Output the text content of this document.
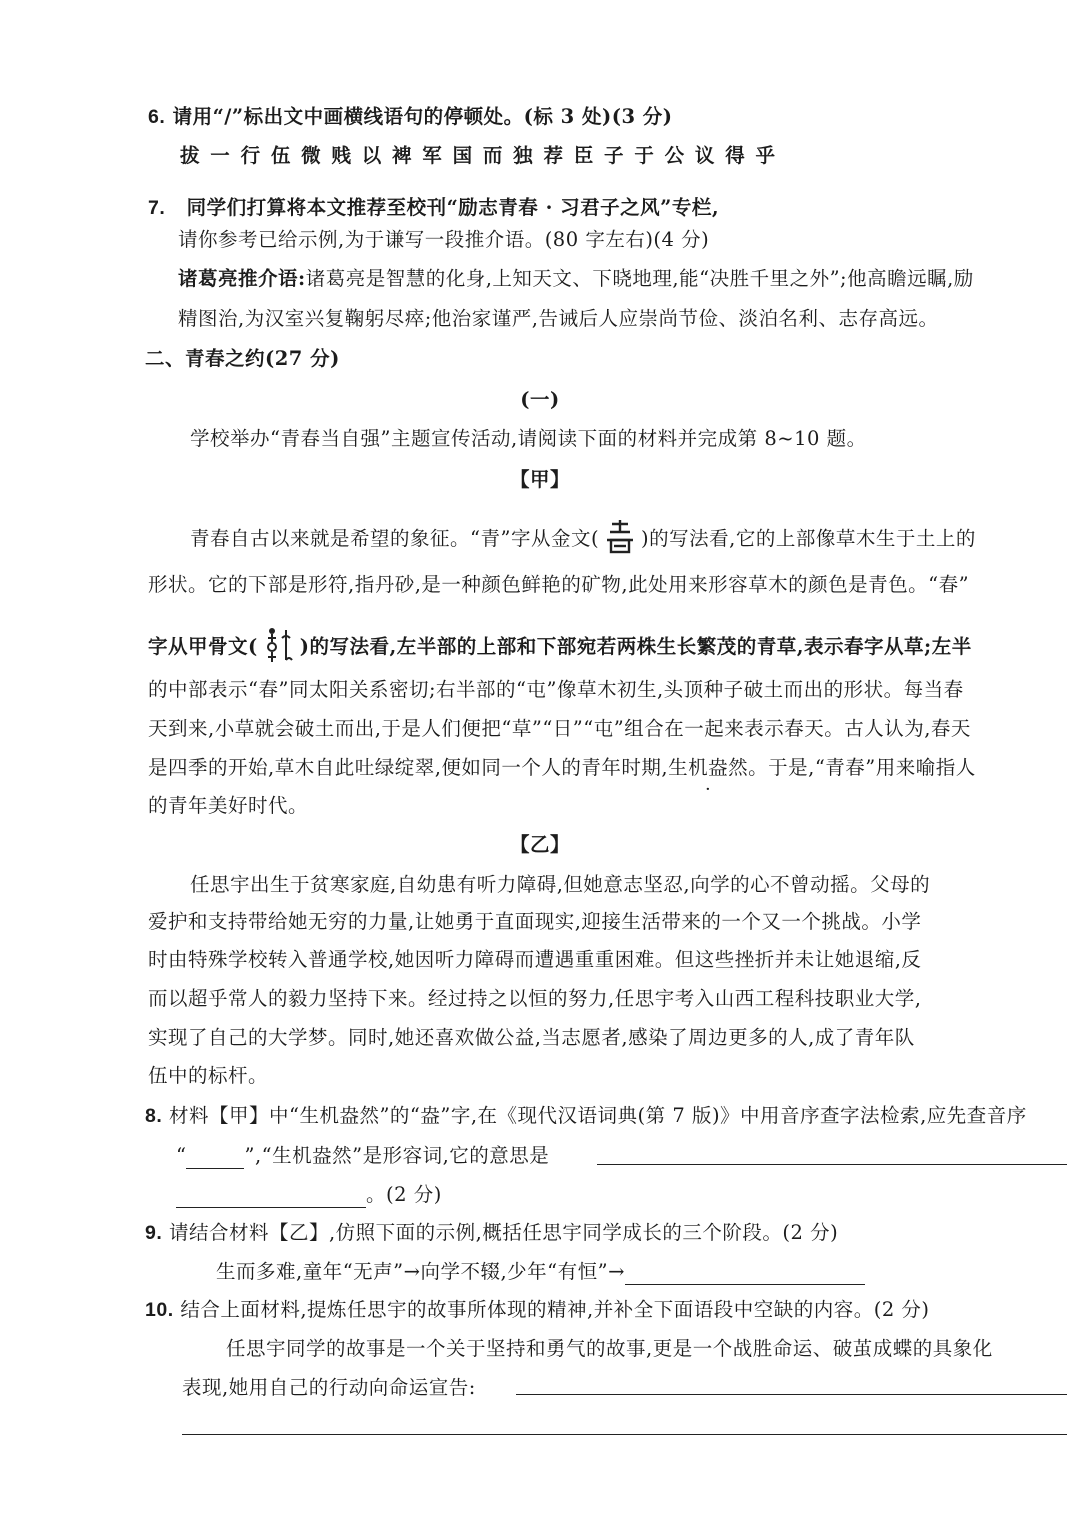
6. 请用“/”标出文中画横线语句的停顿处。(标 3 处)(3 分)
拔 一 行 伍 微 贱 以 裨 军 国 而 独 荐 臣 子 于 公 议 得 乎
7. 同学们打算将本文推荐至校刊“励志青春 · 习君子之风”专栏,
请你参考已给示例,为于谦写一段推介语。(80 字左右)(4 分)
诸葛亮推介语:诸葛亮是智慧的化身,上知天文、下晓地理,能“决胜千里之外”;他高瞻远瞩,励
精图治,为汉室兴复鞠躬尽瘁;他治家谨严,告诫后人应崇尚节俭、淡泊名利、志存高远。
二、青春之约(27 分)
(一)
学校举办“青春当自强”主题宣传活动,请阅读下面的材料并完成第 8~10 题。
【甲】
青春自古以来就是希望的象征。“青”字从金文( )的写法看,它的上部像草木生于土上的
形状。它的下部是形符,指丹砂,是一种颜色鲜艳的矿物,此处用来形容草木的颜色是青色。“春”
字从甲骨文( )的写法看,左半部的上部和下部宛若两株生长繁茂的青草,表示春字从草;左半
的中部表示“春”同太阳关系密切;右半部的“屯”像草木初生,头顶种子破土而出的形状。每当春
天到来,小草就会破土而出,于是人们便把“草”“日”“屯”组合在一起来表示春天。古人认为,春天
是四季的开始,草木自此吐绿绽翠,便如同一个人的青年时期,生机盎然。于是,“青春”用来喻指人
的青年美好时代。
【乙】
任思宇出生于贫寒家庭,自幼患有听力障碍,但她意志坚忍,向学的心不曾动摇。父母的
爱护和支持带给她无穷的力量,让她勇于直面现实,迎接生活带来的一个又一个挑战。小学
时由特殊学校转入普通学校,她因听力障碍而遭遇重重困难。但这些挫折并未让她退缩,反
而以超乎常人的毅力坚持下来。经过持之以恒的努力,任思宇考入山西工程科技职业大学,
实现了自己的大学梦。同时,她还喜欢做公益,当志愿者,感染了周边更多的人,成了青年队
伍中的标杆。
8. 材料【甲】中“生机盎然”的“盎”字,在《现代汉语词典(第 7 版)》中用音序查字法检索,应先查音序
“	”,“生机盎然”是形容词,它的意思是
。(2 分)
9. 请结合材料【乙】,仿照下面的示例,概括任思宇同学成长的三个阶段。(2 分)
生而多难,童年“无声”→向学不辍,少年“有恒”→
10. 结合上面材料,提炼任思宇的故事所体现的精神,并补全下面语段中空缺的内容。(2 分)
任思宇同学的故事是一个关于坚持和勇气的故事,更是一个战胜命运、破茧成蝶的具象化
表现,她用自己的行动向命运宣告:
